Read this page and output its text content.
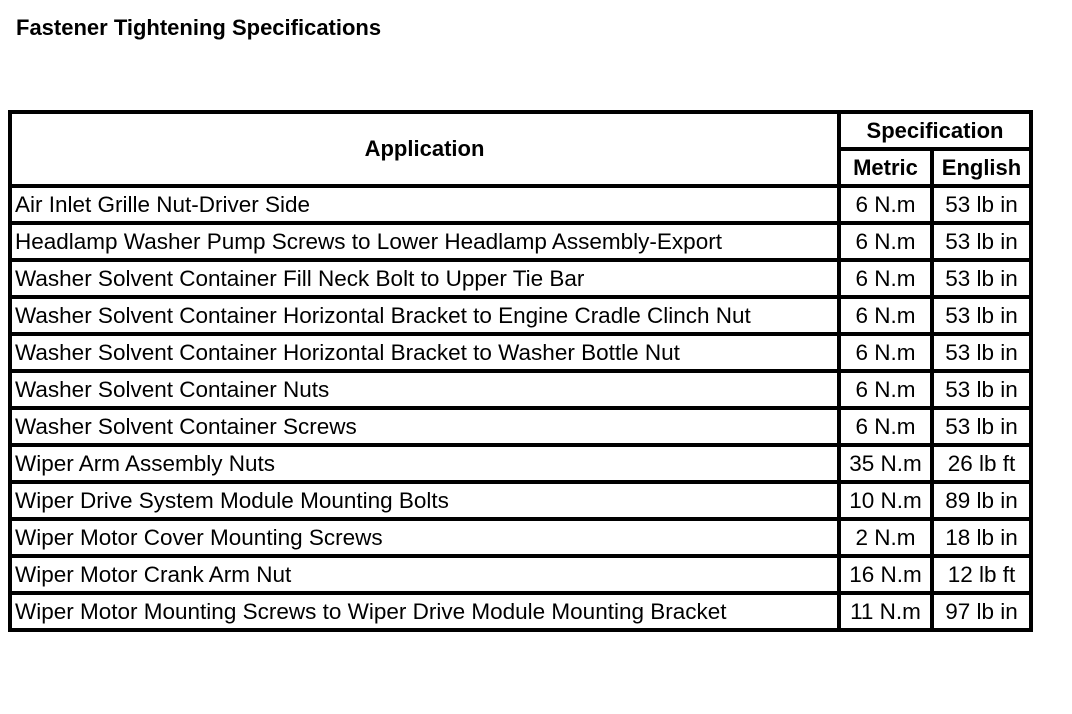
Fastener Tightening Specifications
Application	Specification	
	Metric	English
Air Inlet Grille Nut-Driver Side	6 N.m	53 lb in
Headlamp Washer Pump Screws to Lower Headlamp Assembly-Export	6 N.m	53 lb in
Washer Solvent Container Fill Neck Bolt to Upper Tie Bar	6 N.m	53 lb in
Washer Solvent Container Horizontal Bracket to Engine Cradle Clinch Nut	6 N.m	53 lb in
Washer Solvent Container Horizontal Bracket to Washer Bottle Nut	6 N.m	53 lb in
Washer Solvent Container Nuts	6 N.m	53 lb in
Washer Solvent Container Screws	6 N.m	53 lb in
Wiper Arm Assembly Nuts	35 N.m	26 lb ft
Wiper Drive System Module Mounting Bolts	10 N.m	89 lb in
Wiper Motor Cover Mounting Screws	2 N.m	18 lb in
Wiper Motor Crank Arm Nut	16 N.m	12 lb ft
Wiper Motor Mounting Screws to Wiper Drive Module Mounting Bracket	11 N.m	97 lb in
